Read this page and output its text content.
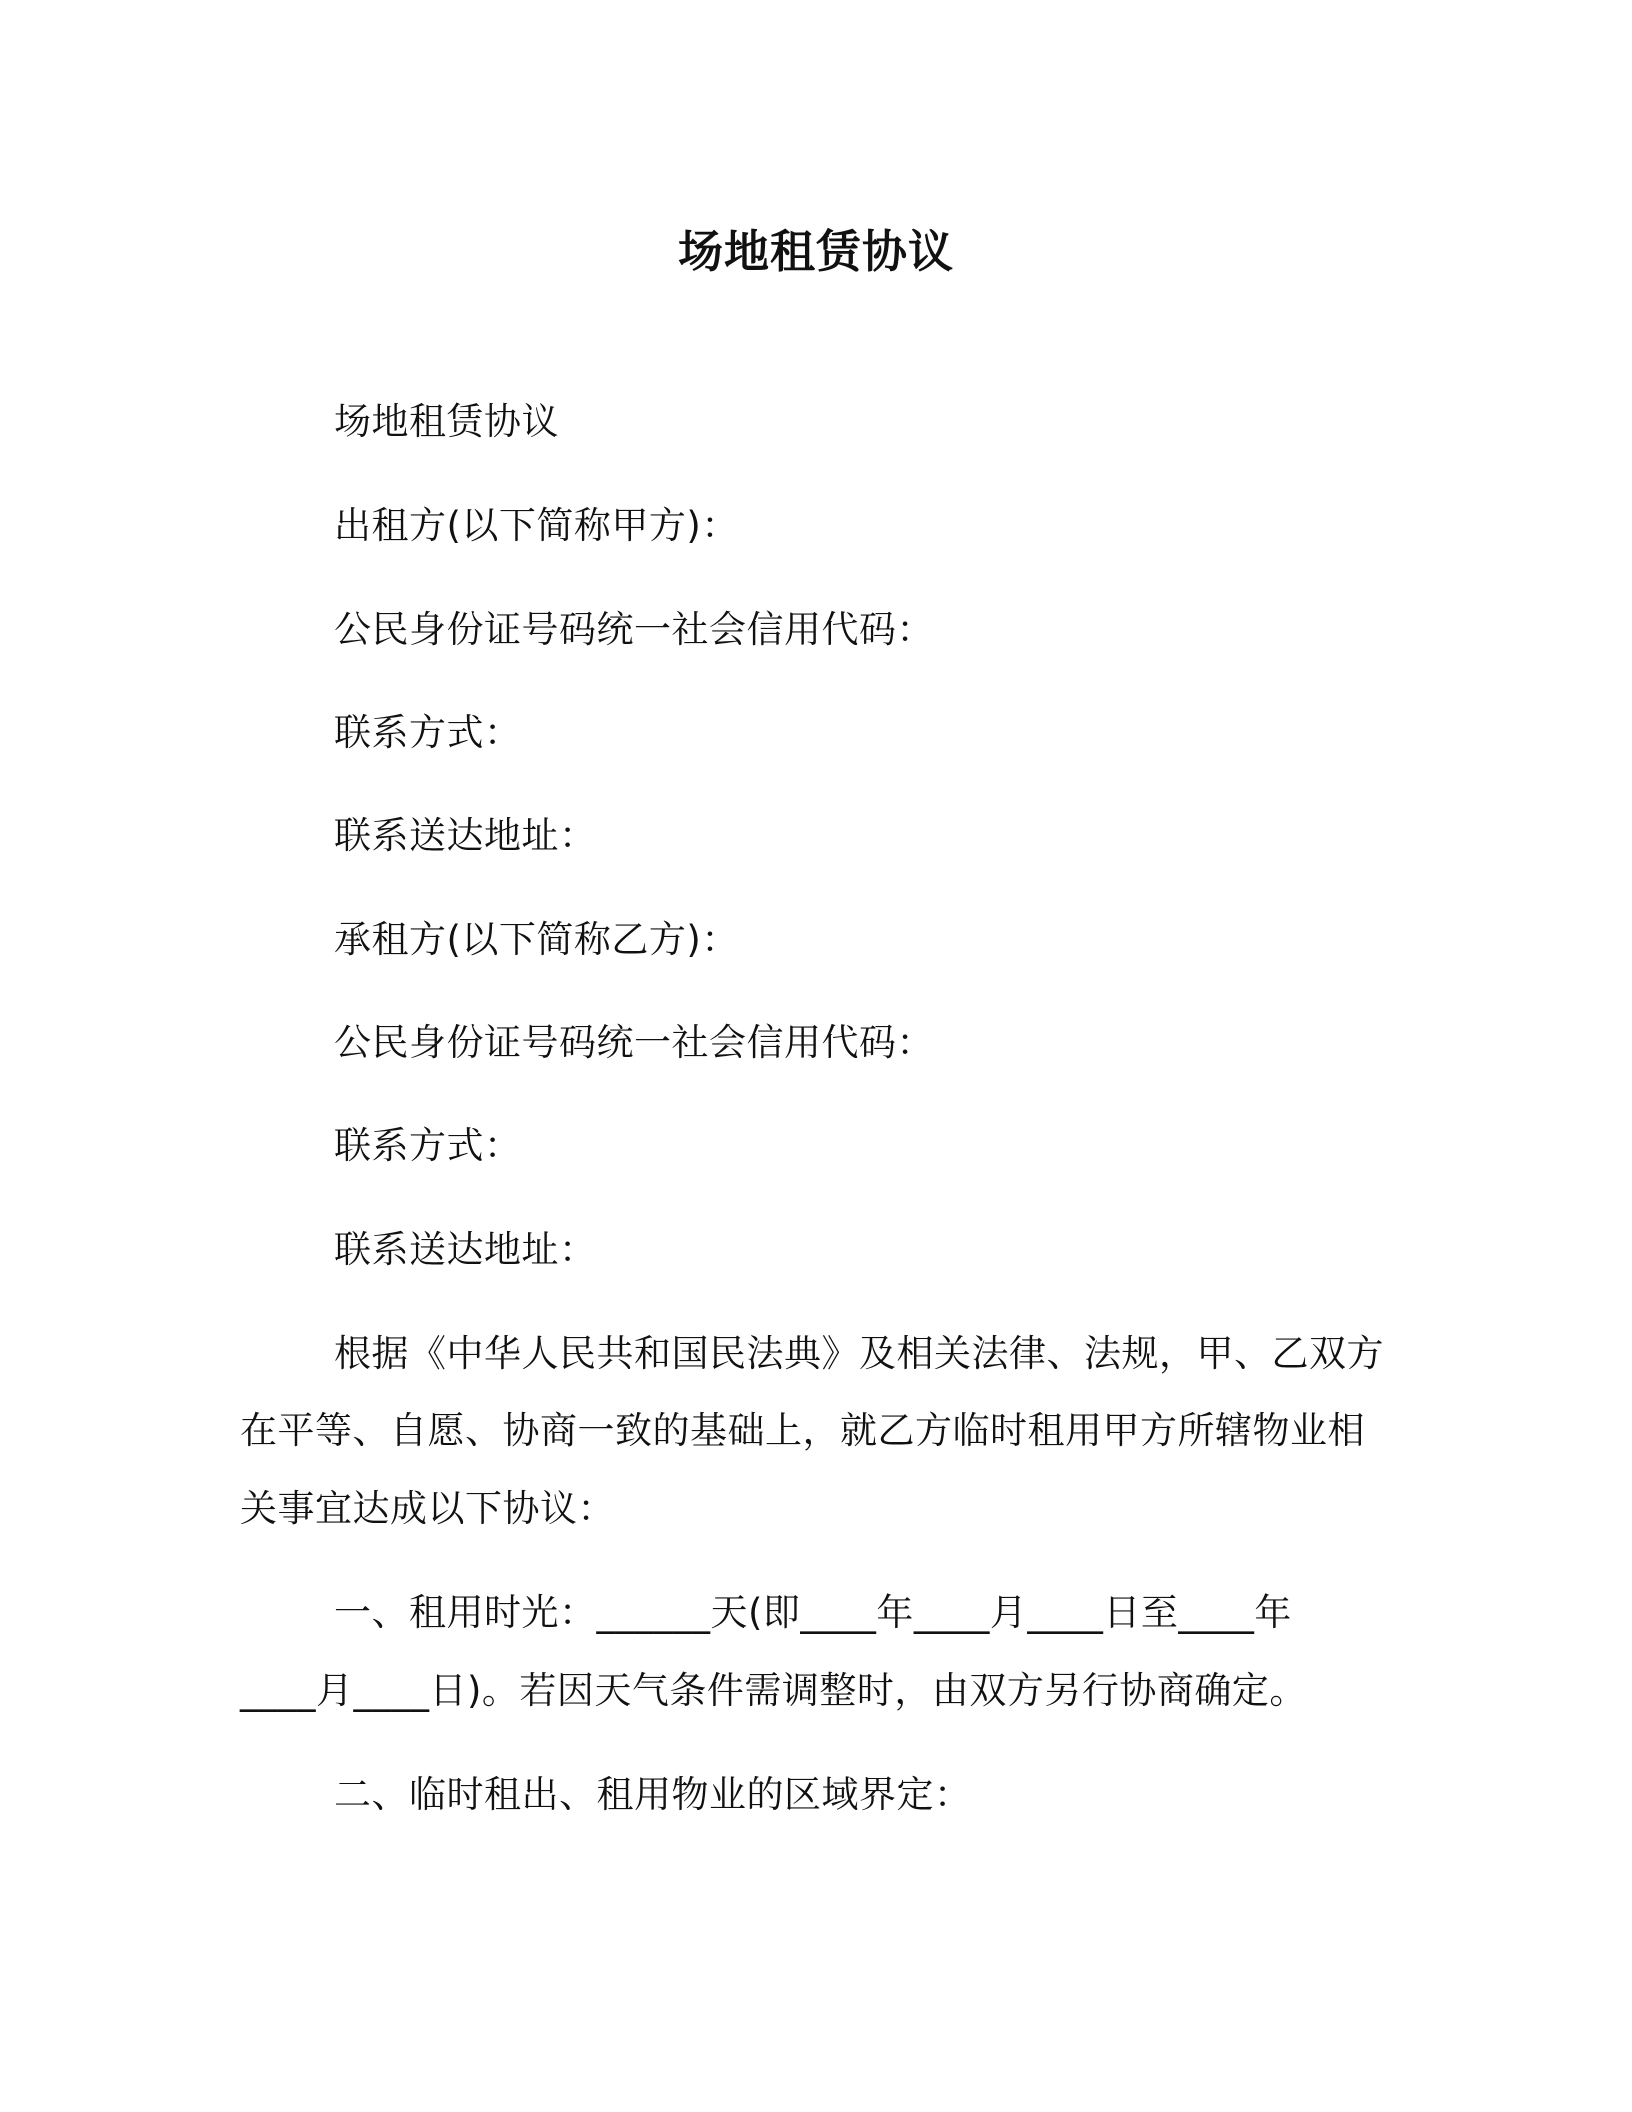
场地租赁协议
场地租赁协议
出租方(以下简称甲方)：
公民身份证号码统一社会信用代码：
联系方式：
联系送达地址：
承租方(以下简称乙方)：
公民身份证号码统一社会信用代码：
联系方式：
联系送达地址：
根据《中华人民共和国民法典》及相关法律、法规，甲、乙双方
在平等、自愿、协商一致的基础上，就乙方临时租用甲方所辖物业相
关事宜达成以下协议：
一、租用时光：______天(即____年____月____日至____年
____月____日)。若因天气条件需调整时，由双方另行协商确定。
二、临时租出、租用物业的区域界定：
